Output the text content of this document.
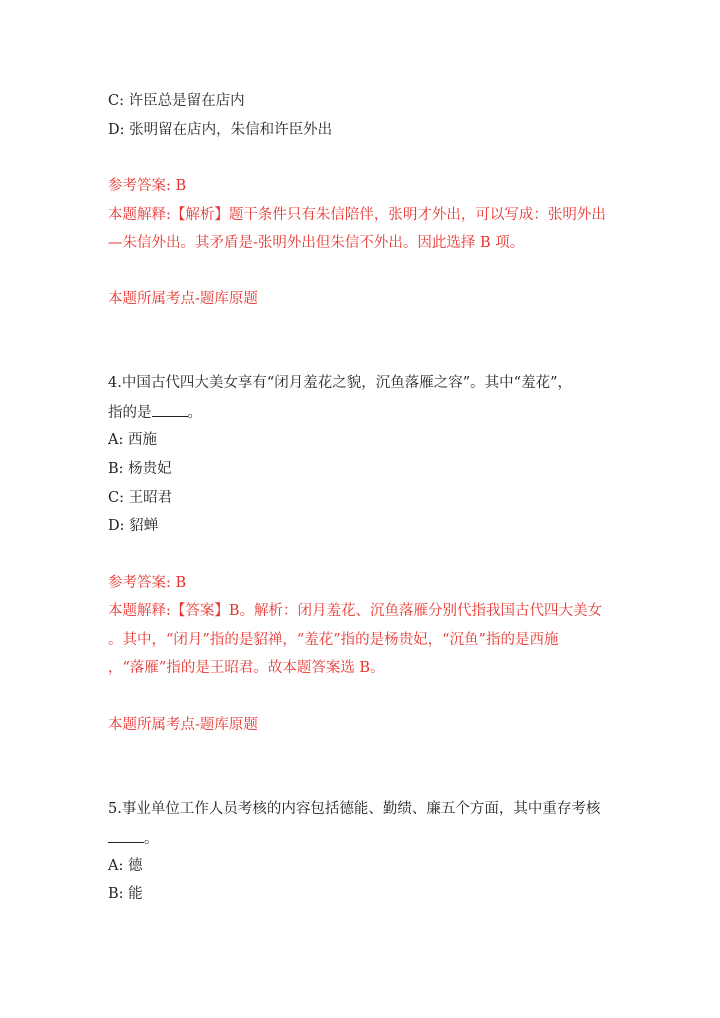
C: 许臣总是留在店内
D: 张明留在店内，朱信和许臣外出
参考答案: B
本题解释:【解析】题干条件只有朱信陪伴，张明才外出，可以写成：张明外出
—朱信外出。其矛盾是-张明外出但朱信不外出。因此选择 B 项。
本题所属考点-题库原题
4.中国古代四大美女享有“闭月羞花之貌，沉鱼落雁之容”。其中“羞花”，
指的是 。
A: 西施
B: 杨贵妃
C: 王昭君
D: 貂蝉
参考答案: B
本题解释:【答案】B。解析：闭月羞花、沉鱼落雁分别代指我国古代四大美女
。其中，“闭月”指的是貂禅，“羞花”指的是杨贵妃，“沉鱼”指的是西施
，“落雁”指的是王昭君。故本题答案选 B。
本题所属考点-题库原题
5.事业单位工作人员考核的内容包括德能、勤绩、廉五个方面，其中重存考核
。
A: 德
B: 能
